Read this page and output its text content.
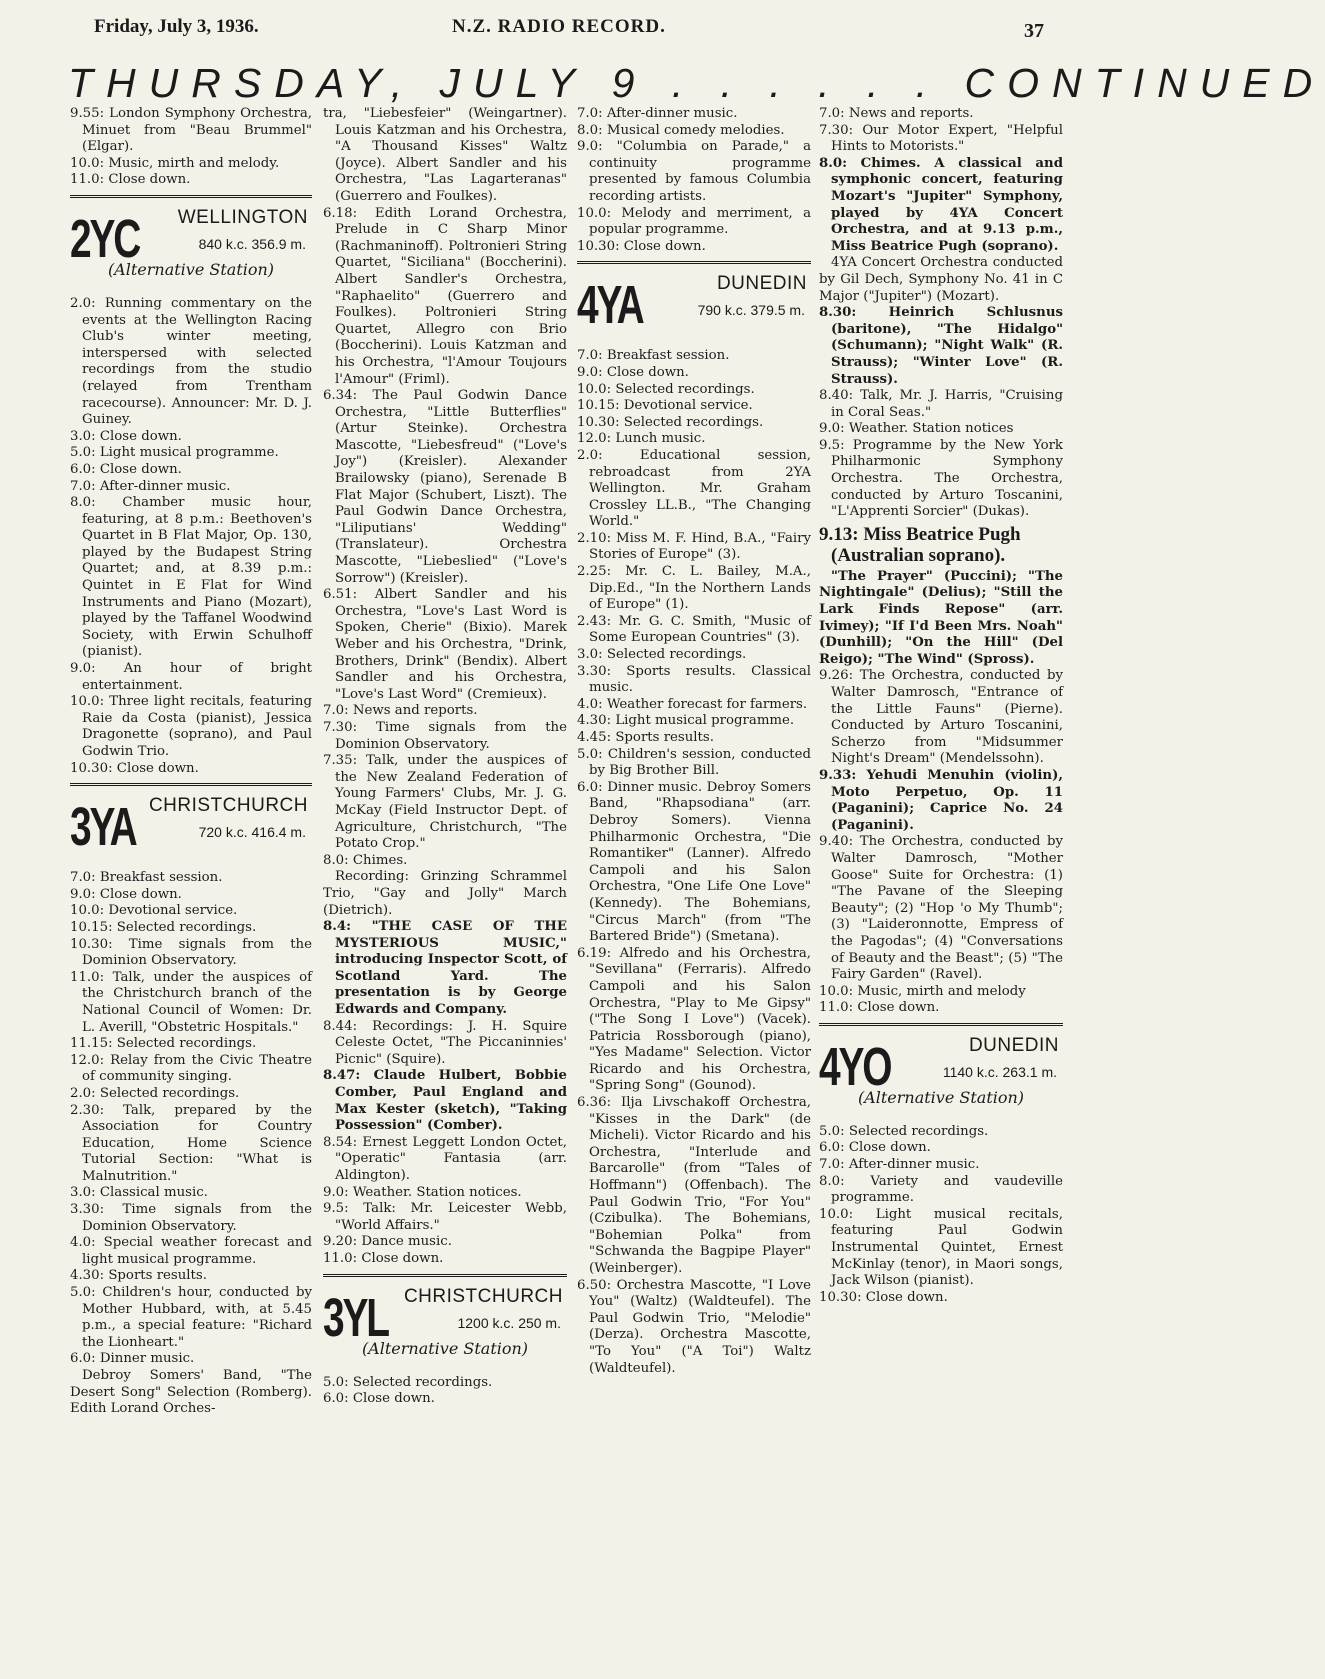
Friday, July 3, 1936.	N.Z. RADIO RECORD.	37
THURSDAY, JULY 9 . . . . . . CONTINUED

9.55: London Symphony Orchestra, Minuet from "Beau Brummel" (Elgar).

10.0: Music, mirth and melody.

11.0: Close down.

2YC WELLINGTON
840 k.c. 356.9 m.
(Alternative Station)

2.0: Running commentary on the events at the Wellington Racing Club's winter meeting, interspersed with selected recordings from the studio (relayed from Trentham racecourse). Announcer: Mr. D. J. Guiney.

3.0: Close down.

5.0: Light musical programme.

6.0: Close down.

7.0: After-dinner music.

8.0: Chamber music hour, featuring, at 8 p.m.: Beethoven's Quartet in B Flat Major, Op. 130, played by the Budapest String Quartet; and, at 8.39 p.m.: Quintet in E Flat for Wind Instruments and Piano (Mozart), played by the Taffanel Woodwind Society, with Erwin Schulhoff (pianist).

9.0: An hour of bright entertainment.

10.0: Three light recitals, featuring Raie da Costa (pianist), Jessica Dragonette (soprano), and Paul Godwin Trio.

10.30: Close down.

3YA CHRISTCHURCH
720 k.c. 416.4 m.

7.0: Breakfast session.

9.0: Close down.

10.0: Devotional service.

10.15: Selected recordings.

10.30: Time signals from the Dominion Observatory.

11.0: Talk, under the auspices of the Christchurch branch of the National Council of Women: Dr. L. Averill, "Obstetric Hospitals."

11.15: Selected recordings.

12.0: Relay from the Civic Theatre of community singing.

2.0: Selected recordings.

2.30: Talk, prepared by the Association for Country Education, Home Science Tutorial Section: "What is Malnutrition."

3.0: Classical music.

3.30: Time signals from the Dominion Observatory.

4.0: Special weather forecast and light musical programme.

4.30: Sports results.

5.0: Children's hour, conducted by Mother Hubbard, with, at 5.45 p.m., a special feature: "Richard the Lionheart."

6.0: Dinner music.

Debroy Somers' Band, "The Desert Song" Selection (Romberg). Edith Lorand Orches-

tra, "Liebesfeier" (Weingartner). Louis Katzman and his Orchestra, "A Thousand Kisses" Waltz (Joyce). Albert Sandler and his Orchestra, "Las Lagarteranas" (Guerrero and Foulkes).

6.18: Edith Lorand Orchestra, Prelude in C Sharp Minor (Rachmaninoff). Poltronieri String Quartet, "Siciliana" (Boccherini). Albert Sandler's Orchestra, "Raphaelito" (Guerrero and Foulkes). Poltronieri String Quartet, Allegro con Brio (Boccherini). Louis Katzman and his Orchestra, "l'Amour Toujours l'Amour" (Friml).

6.34: The Paul Godwin Dance Orchestra, "Little Butterflies" (Artur Steinke). Orchestra Mascotte, "Liebesfreud" ("Love's Joy") (Kreisler). Alexander Brailowsky (piano), Serenade B Flat Major (Schubert, Liszt). The Paul Godwin Dance Orchestra, "Liliputians' Wedding" (Translateur). Orchestra Mascotte, "Liebeslied" ("Love's Sorrow") (Kreisler).

6.51: Albert Sandler and his Orchestra, "Love's Last Word is Spoken, Cherie" (Bixio). Marek Weber and his Orchestra, "Drink, Brothers, Drink" (Bendix). Albert Sandler and his Orchestra, "Love's Last Word" (Cremieux).

7.0: News and reports.

7.30: Time signals from the Dominion Observatory.

7.35: Talk, under the auspices of the New Zealand Federation of Young Farmers' Clubs, Mr. J. G. McKay (Field Instructor Dept. of Agriculture, Christchurch, "The Potato Crop."

8.0: Chimes.

Recording: Grinzing Schrammel Trio, "Gay and Jolly" March (Dietrich).

8.4: "THE CASE OF THE MYSTERIOUS MUSIC," introducing Inspector Scott, of Scotland Yard. The presentation is by George Edwards and Company.

8.44: Recordings: J. H. Squire Celeste Octet, "The Piccaninnies' Picnic" (Squire).

8.47: Claude Hulbert, Bobbie Comber, Paul England and Max Kester (sketch), "Taking Possession" (Comber).

8.54: Ernest Leggett London Octet, "Operatic" Fantasia (arr. Aldington).

9.0: Weather. Station notices.

9.5: Talk: Mr. Leicester Webb, "World Affairs."

9.20: Dance music.

11.0: Close down.

3YL CHRISTCHURCH
1200 k.c. 250 m.
(Alternative Station)

5.0: Selected recordings.

6.0: Close down.

7.0: After-dinner music.

8.0: Musical comedy melodies.

9.0: "Columbia on Parade," a continuity programme presented by famous Columbia recording artists.

10.0: Melody and merriment, a popular programme.

10.30: Close down.

4YA	DUNEDIN
790 k.c. 379.5 m.

7.0: Breakfast session.

9.0: Close down.

10.0: Selected recordings.

10.15: Devotional service.

10.30: Selected recordings.

12.0: Lunch music.

2.0: Educational session, rebroadcast from 2YA Wellington. Mr. Graham Crossley LL.B., "The Changing World."

2.10: Miss M. F. Hind, B.A., "Fairy Stories of Europe" (3).

2.25: Mr. C. L. Bailey, M.A., Dip.Ed., "In the Northern Lands of Europe" (1).

2.43: Mr. G. C. Smith, "Music of Some European Countries" (3).

3.0: Selected recordings.

3.30: Sports results. Classical music.

4.0: Weather forecast for farmers.

4.30: Light musical programme.

4.45: Sports results.

5.0: Children's session, conducted by Big Brother Bill.

6.0: Dinner music. Debroy Somers Band, "Rhapsodiana" (arr. Debroy Somers). Vienna Philharmonic Orchestra, "Die Romantiker" (Lanner). Alfredo Campoli and his Salon Orchestra, "One Life One Love" (Kennedy). The Bohemians, "Circus March" (from "The Bartered Bride") (Smetana).

6.19: Alfredo and his Orchestra, "Sevillana" (Ferraris). Alfredo Campoli and his Salon Orchestra, "Play to Me Gipsy" ("The Song I Love") (Vacek). Patricia Rossborough (piano), "Yes Madame" Selection. Victor Ricardo and his Orchestra, "Spring Song" (Gounod).

6.36: Ilja Livschakoff Orchestra, "Kisses in the Dark" (de Micheli). Victor Ricardo and his Orchestra, "Interlude and Barcarolle" (from "Tales of Hoffmann") (Offenbach). The Paul Godwin Trio, "For You" (Czibulka). The Bohemians, "Bohemian Polka" from "Schwanda the Bagpipe Player" (Weinberger).

6.50: Orchestra Mascotte, "I Love You" (Waltz) (Waldteufel). The Paul Godwin Trio, "Melodie" (Derza). Orchestra Mascotte, "To You" ("A Toi") Waltz (Waldteufel).

7.0: News and reports.

7.30: Our Motor Expert, "Helpful Hints to Motorists."

8.0: Chimes. A classical and symphonic concert, featuring Mozart's "Jupiter" Symphony, played by 4YA Concert Orchestra, and at 9.13 p.m., Miss Beatrice Pugh (soprano).

4YA Concert Orchestra conducted by Gil Dech, Symphony No. 41 in C Major ("Jupiter") (Mozart).

8.30: Heinrich Schlusnus (baritone), "The Hidalgo" (Schumann); "Night Walk" (R. Strauss); "Winter Love" (R. Strauss).

8.40: Talk, Mr. J. Harris, "Cruising in Coral Seas."

9.0: Weather. Station notices

9.5: Programme by the New York Philharmonic Symphony Orchestra. The Orchestra, conducted by Arturo Toscanini, "L'Apprenti Sorcier" (Dukas).

9.13: Miss Beatrice Pugh (Australian soprano).

"The Prayer" (Puccini); "The Nightingale" (Delius); "Still the Lark Finds Repose" (arr. Ivimey); "If I'd Been Mrs. Noah" (Dunhill); "On the Hill" (Del Reigo); "The Wind" (Spross).

9.26: The Orchestra, conducted by Walter Damrosch, "Entrance of the Little Fauns" (Pierne). Conducted by Arturo Toscanini, Scherzo from "Midsummer Night's Dream" (Mendelssohn).

9.33: Yehudi Menuhin (violin), Moto Perpetuo, Op. 11 (Paganini); Caprice No. 24 (Paganini).

9.40: The Orchestra, conducted by Walter Damrosch, "Mother Goose" Suite for Orchestra: (1) "The Pavane of the Sleeping Beauty"; (2) "Hop 'o My Thumb"; (3) "Laideronnotte, Empress of the Pagodas"; (4) "Conversations of Beauty and the Beast"; (5) "The Fairy Garden" (Ravel).

10.0: Music, mirth and melody

11.0: Close down.

4YO	DUNEDIN
1140 k.c. 263.1 m.
(Alternative Station)

5.0: Selected recordings.

6.0: Close down.

7.0: After-dinner music.

8.0: Variety and vaudeville programme.

10.0: Light musical recitals, featuring Paul Godwin Instrumental Quintet, Ernest McKinlay (tenor), in Maori songs, Jack Wilson (pianist).

10.30: Close down.
